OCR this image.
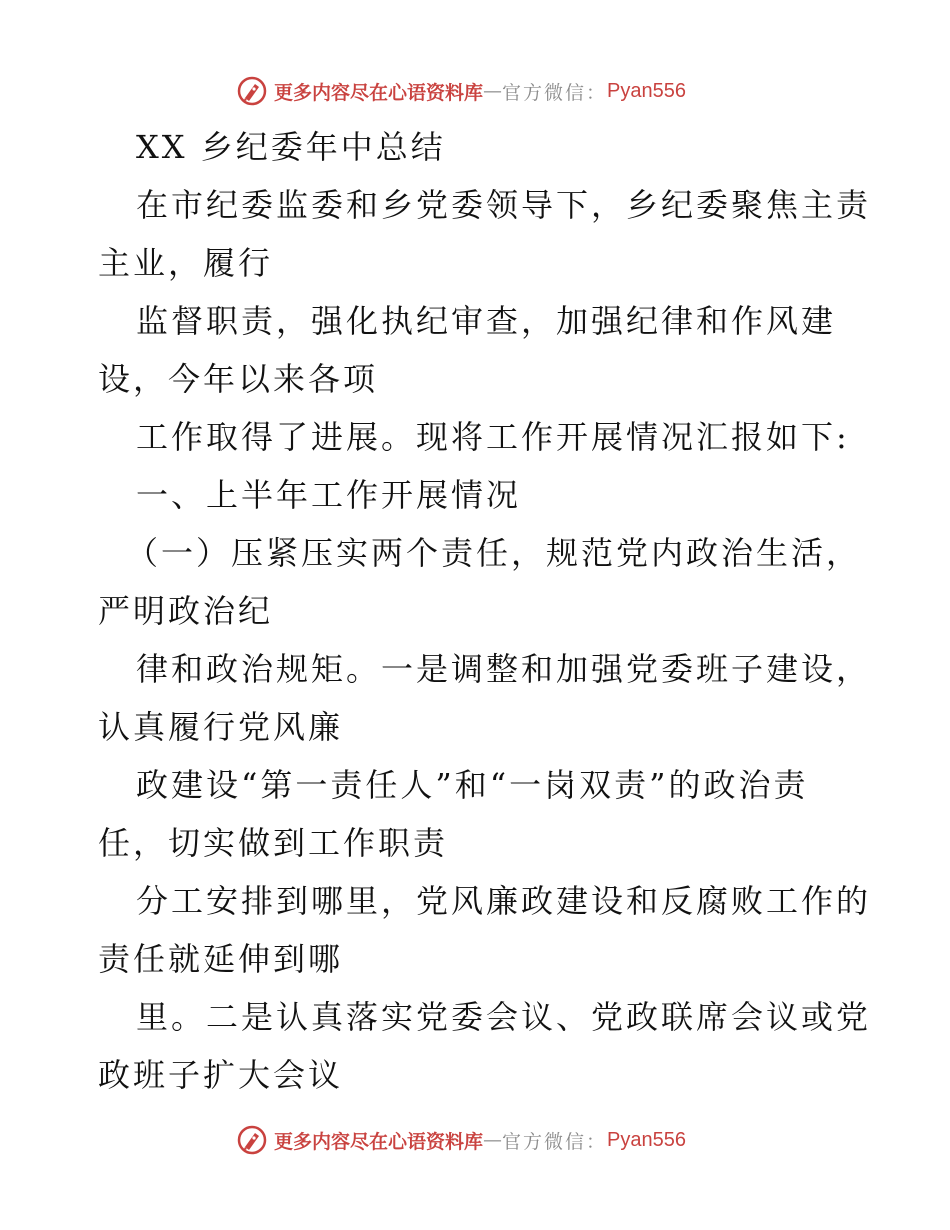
更多内容尽在心语资料库 — 官方微信： Pyan556
XX 乡纪委年中总结
在市纪委监委和乡党委领导下，乡纪委聚焦主责
主业，履行
监督职责，强化执纪审查，加强纪律和作风建
设，今年以来各项
工作取得了进展。现将工作开展情况汇报如下:
一、上半年工作开展情况
（一）压紧压实两个责任，规范党内政治生活，
严明政治纪
律和政治规矩。一是调整和加强党委班子建设，
认真履行党风廉
政建设“第一责任人”和“一岗双责”的政治责
任，切实做到工作职责
分工安排到哪里，党风廉政建设和反腐败工作的
责任就延伸到哪
里。二是认真落实党委会议、党政联席会议或党
政班子扩大会议
更多内容尽在心语资料库 — 官方微信： Pyan556
